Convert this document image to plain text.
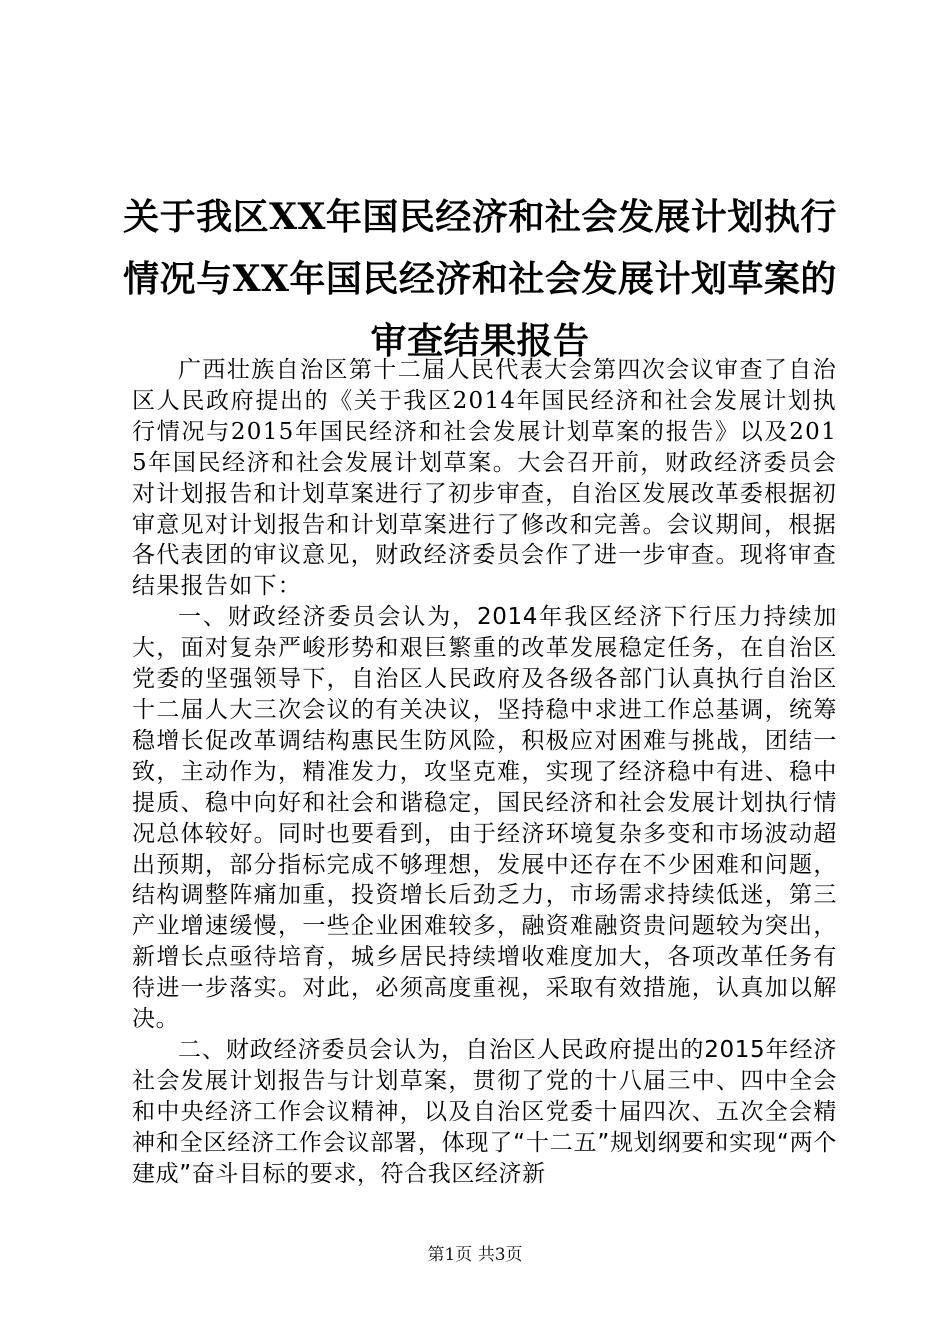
关于我区XX年国民经济和社会发展计划执行
情况与XX年国民经济和社会发展计划草案的
审查结果报告

广西壮族自治区第十二届人民代表大会第四次会议审查了自治区人民政府提出的《关于我区2014年国民经济和社会发展计划执行情况与2015年国民经济和社会发展计划草案的报告》以及2015年国民经济和社会发展计划草案。大会召开前，财政经济委员会对计划报告和计划草案进行了初步审查，自治区发展改革委根据初审意见对计划报告和计划草案进行了修改和完善。会议期间，根据各代表团的审议意见，财政经济委员会作了进一步审查。现将审查结果报告如下：

一、财政经济委员会认为，2014年我区经济下行压力持续加大，面对复杂严峻形势和艰巨繁重的改革发展稳定任务，在自治区党委的坚强领导下，自治区人民政府及各级各部门认真执行自治区十二届人大三次会议的有关决议，坚持稳中求进工作总基调，统筹稳增长促改革调结构惠民生防风险，积极应对困难与挑战，团结一致，主动作为，精准发力，攻坚克难，实现了经济稳中有进、稳中提质、稳中向好和社会和谐稳定，国民经济和社会发展计划执行情况总体较好。同时也要看到，由于经济环境复杂多变和市场波动超出预期，部分指标完成不够理想，发展中还存在不少困难和问题，结构调整阵痛加重，投资增长后劲乏力，市场需求持续低迷，第三产业增速缓慢，一些企业困难较多，融资难融资贵问题较为突出，新增长点亟待培育，城乡居民持续增收难度加大，各项改革任务有待进一步落实。对此，必须高度重视，采取有效措施，认真加以解决。

二、财政经济委员会认为，自治区人民政府提出的2015年经济社会发展计划报告与计划草案，贯彻了党的十八届三中、四中全会和中央经济工作会议精神，以及自治区党委十届四次、五次全会精神和全区经济工作会议部署，体现了“十二五”规划纲要和实现“两个建成”奋斗目标的要求，符合我区经济新

第1页 共3页
